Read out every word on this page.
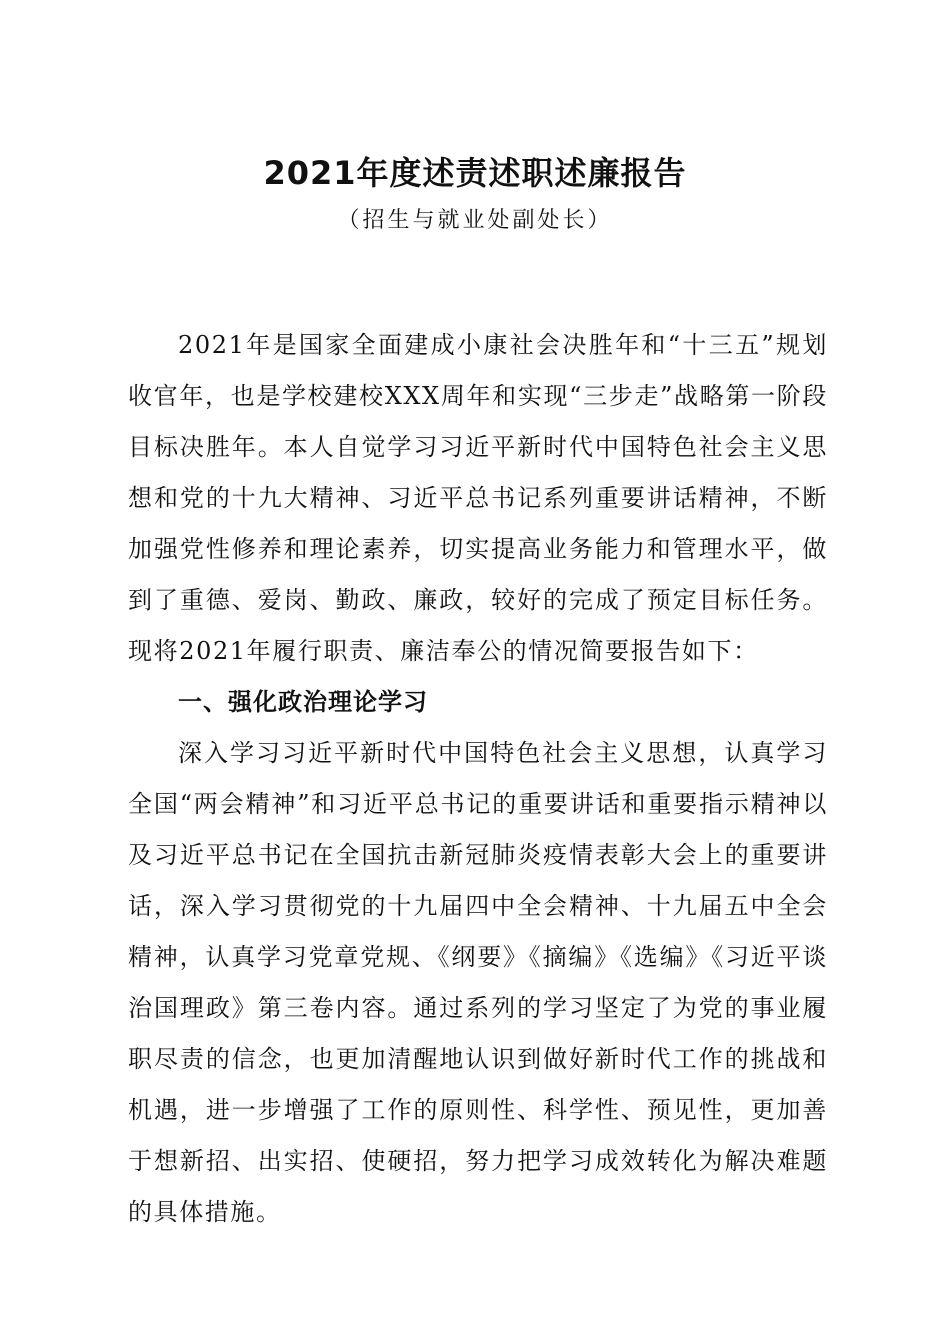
2021年度述责述职述廉报告
（招生与就业处副处长）

2021年是国家全面建成小康社会决胜年和“十三五”规划收官年，也是学校建校XXX周年和实现“三步走”战略第一阶段目标决胜年。本人自觉学习习近平新时代中国特色社会主义思想和党的十九大精神、习近平总书记系列重要讲话精神，不断加强党性修养和理论素养，切实提高业务能力和管理水平，做到了重德、爱岗、勤政、廉政，较好的完成了预定目标任务。现将2021年履行职责、廉洁奉公的情况简要报告如下：

一、强化政治理论学习

深入学习习近平新时代中国特色社会主义思想，认真学习全国“两会精神”和习近平总书记的重要讲话和重要指示精神以及习近平总书记在全国抗击新冠肺炎疫情表彰大会上的重要讲话，深入学习贯彻党的十九届四中全会精神、十九届五中全会精神，认真学习党章党规、《纲要》《摘编》《选编》《习近平谈治国理政》第三卷内容。通过系列的学习坚定了为党的事业履职尽责的信念，也更加清醒地认识到做好新时代工作的挑战和机遇，进一步增强了工作的原则性、科学性、预见性，更加善于想新招、出实招、使硬招，努力把学习成效转化为解决难题的具体措施。
